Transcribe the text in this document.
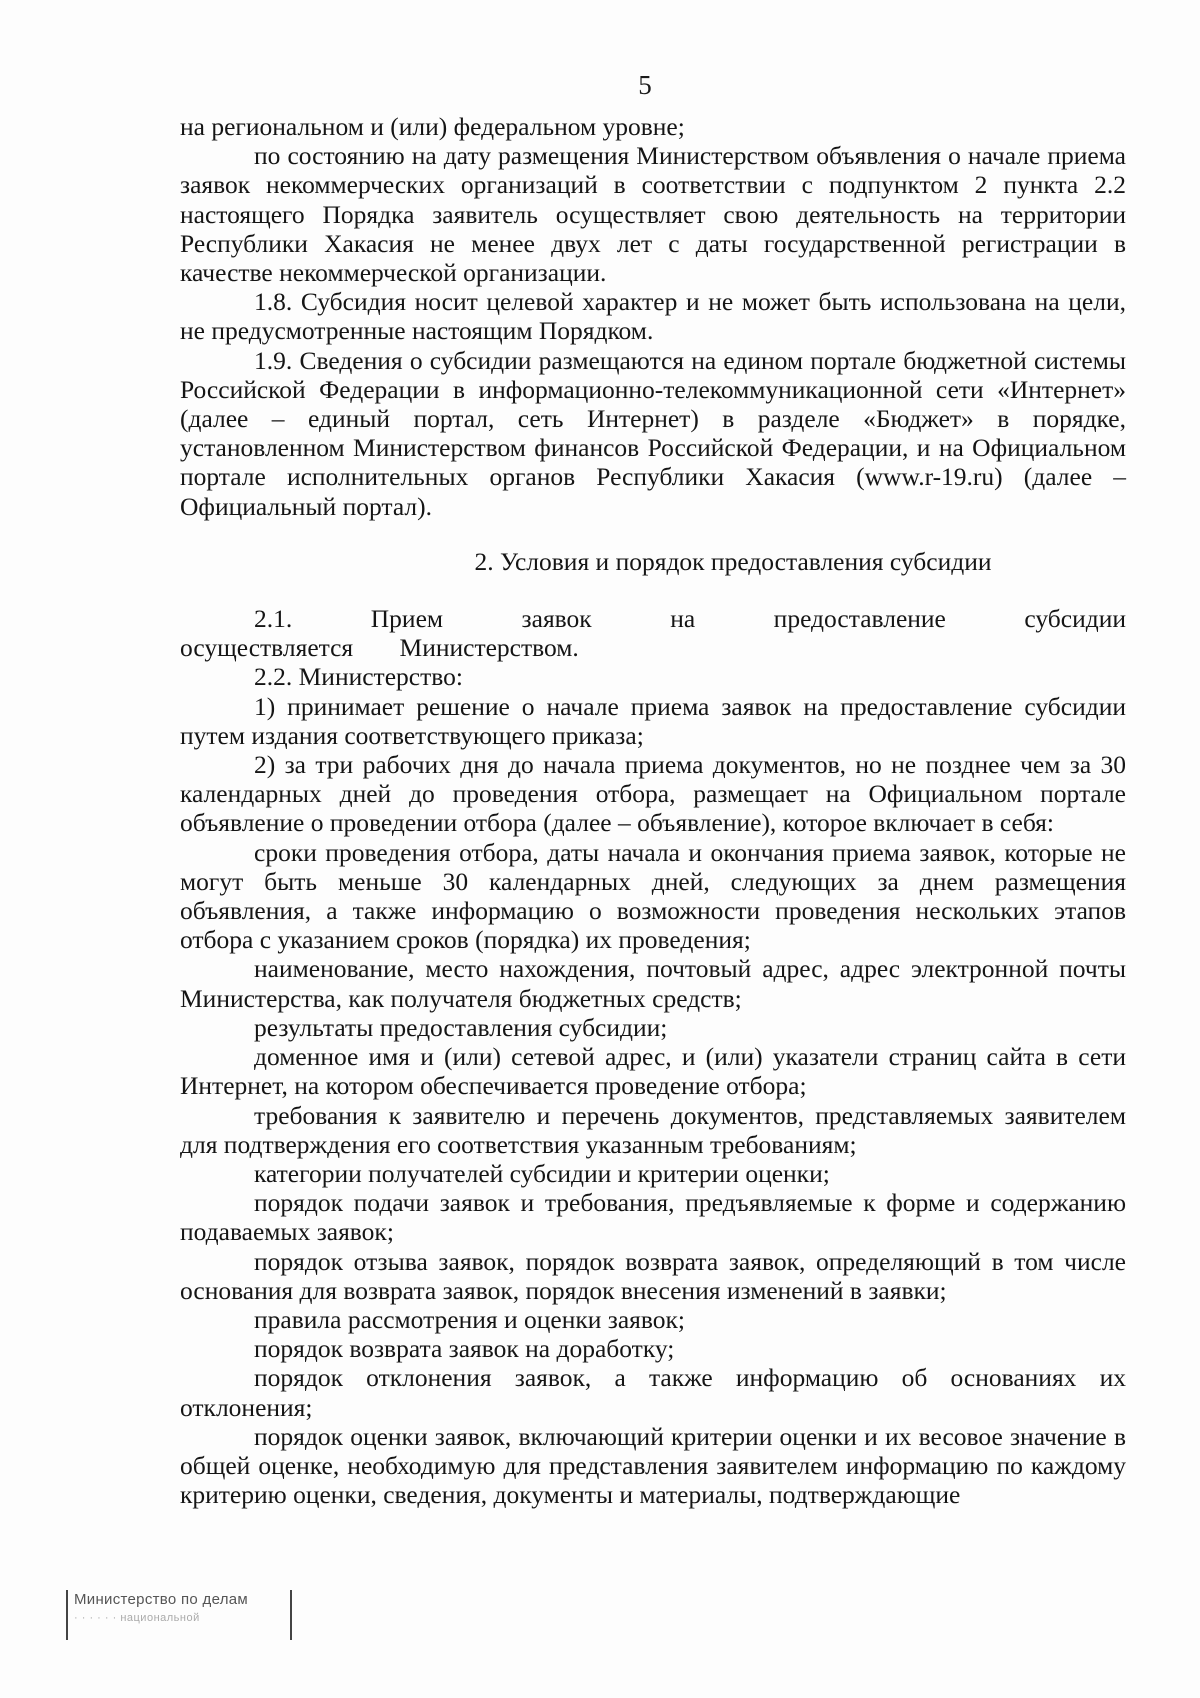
5

на региональном и (или) федеральном уровне;

по состоянию на дату размещения Министерством объявления о начале приема заявок некоммерческих организаций в соответствии с подпунктом 2 пункта 2.2 настоящего Порядка заявитель осуществляет свою деятельность на территории Республики Хакасия не менее двух лет с даты государственной регистрации в качестве некоммерческой организации.

1.8. Субсидия носит целевой характер и не может быть использована на цели, не предусмотренные настоящим Порядком.

1.9. Сведения о субсидии размещаются на едином портале бюджетной системы Российской Федерации в информационно-телекоммуникационной сети «Интернет» (далее – единый портал, сеть Интернет) в разделе «Бюджет» в порядке, установленном Министерством финансов Российской Федерации, и на Официальном портале исполнительных органов Республики Хакасия (www.r-19.ru) (далее – Официальный портал).

2. Условия и порядок предоставления субсидии

2.1. Прием заявок на предоставление субсидии осуществляется Министерством.

2.2. Министерство:

1) принимает решение о начале приема заявок на предоставление субсидии путем издания соответствующего приказа;

2) за три рабочих дня до начала приема документов, но не позднее чем за 30 календарных дней до проведения отбора, размещает на Официальном портале объявление о проведении отбора (далее – объявление), которое включает в себя:

сроки проведения отбора, даты начала и окончания приема заявок, которые не могут быть меньше 30 календарных дней, следующих за днем размещения объявления, а также информацию о возможности проведения нескольких этапов отбора с указанием сроков (порядка) их проведения;

наименование, место нахождения, почтовый адрес, адрес электронной почты Министерства, как получателя бюджетных средств;

результаты предоставления субсидии;

доменное имя и (или) сетевой адрес, и (или) указатели страниц сайта в сети Интернет, на котором обеспечивается проведение отбора;

требования к заявителю и перечень документов, представляемых заявителем для подтверждения его соответствия указанным требованиям;

категории получателей субсидии и критерии оценки;

порядок подачи заявок и требования, предъявляемые к форме и содержанию подаваемых заявок;

порядок отзыва заявок, порядок возврата заявок, определяющий в том числе основания для возврата заявок, порядок внесения изменений в заявки;

правила рассмотрения и оценки заявок;

порядок возврата заявок на доработку;

порядок отклонения заявок, а также информацию об основаниях их отклонения;

порядок оценки заявок, включающий критерии оценки и их весовое значение в общей оценке, необходимую для представления заявителем информацию по каждому критерию оценки, сведения, документы и материалы, подтверждающие

Министерство по делам
· · · · · · национальной
